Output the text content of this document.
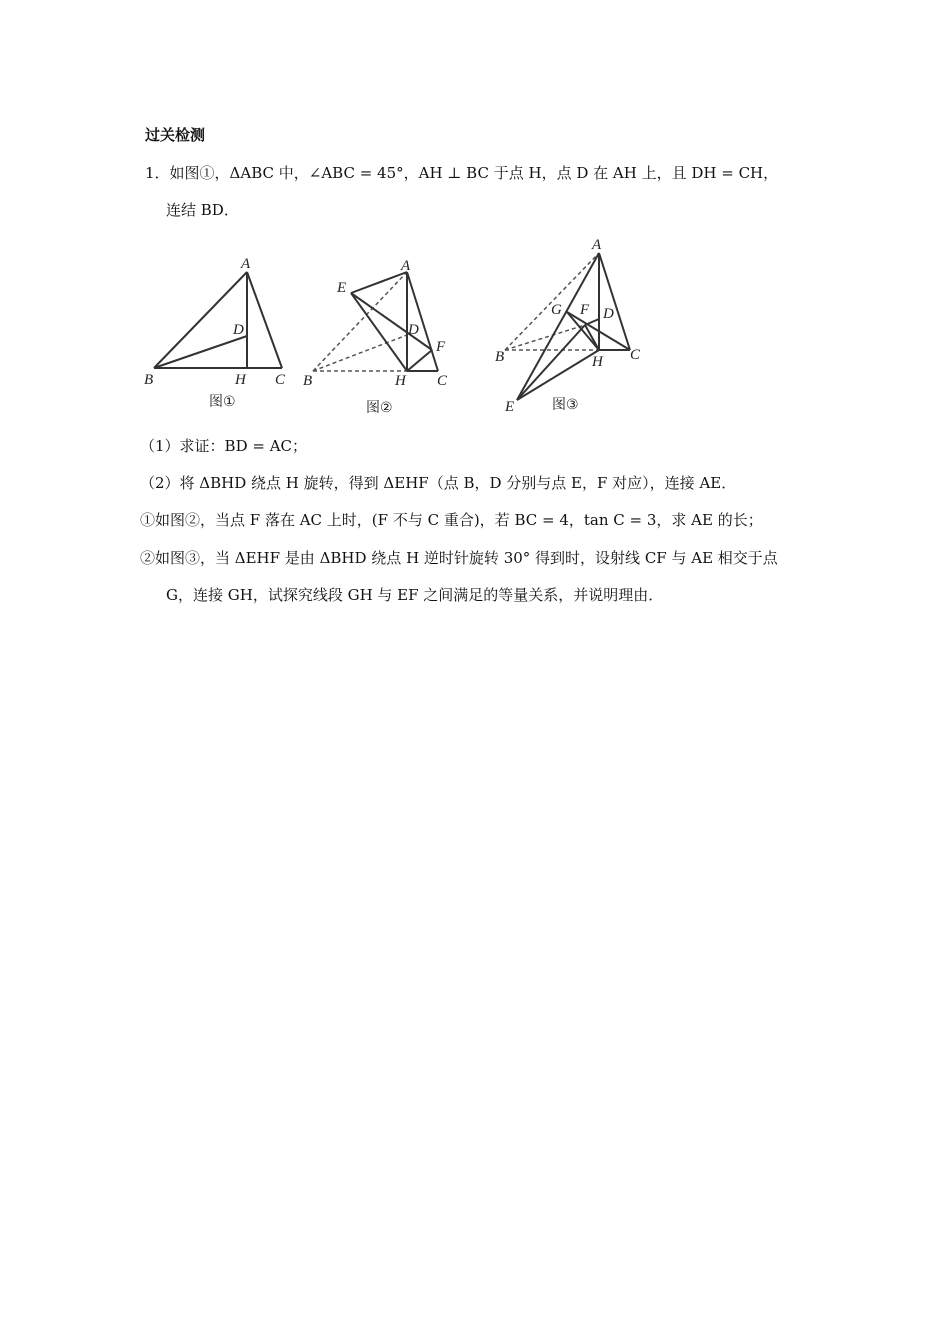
过关检测
1．如图①，ΔABC 中，∠ABC = 45°，AH ⊥ BC 于点 H，点 D 在 AH 上，且 DH = CH，
连结 BD．
A
D
B	H C
图①
A
E
D
F
B	H C
图②
A
G F D
B	H C
E	图③
（1）求证：BD = AC；
（2）将 ΔBHD 绕点 H 旋转，得到 ΔEHF（点 B，D 分别与点 E，F 对应），连接 AE．
①如图②，当点 F 落在 AC 上时，(F 不与 C 重合)，若 BC = 4，tan C = 3，求 AE 的长；
②如图③，当 ΔEHF 是由 ΔBHD 绕点 H 逆时针旋转 30° 得到时，设射线 CF 与 AE 相交于点
G，连接 GH，试探究线段 GH 与 EF 之间满足的等量关系，并说明理由．
